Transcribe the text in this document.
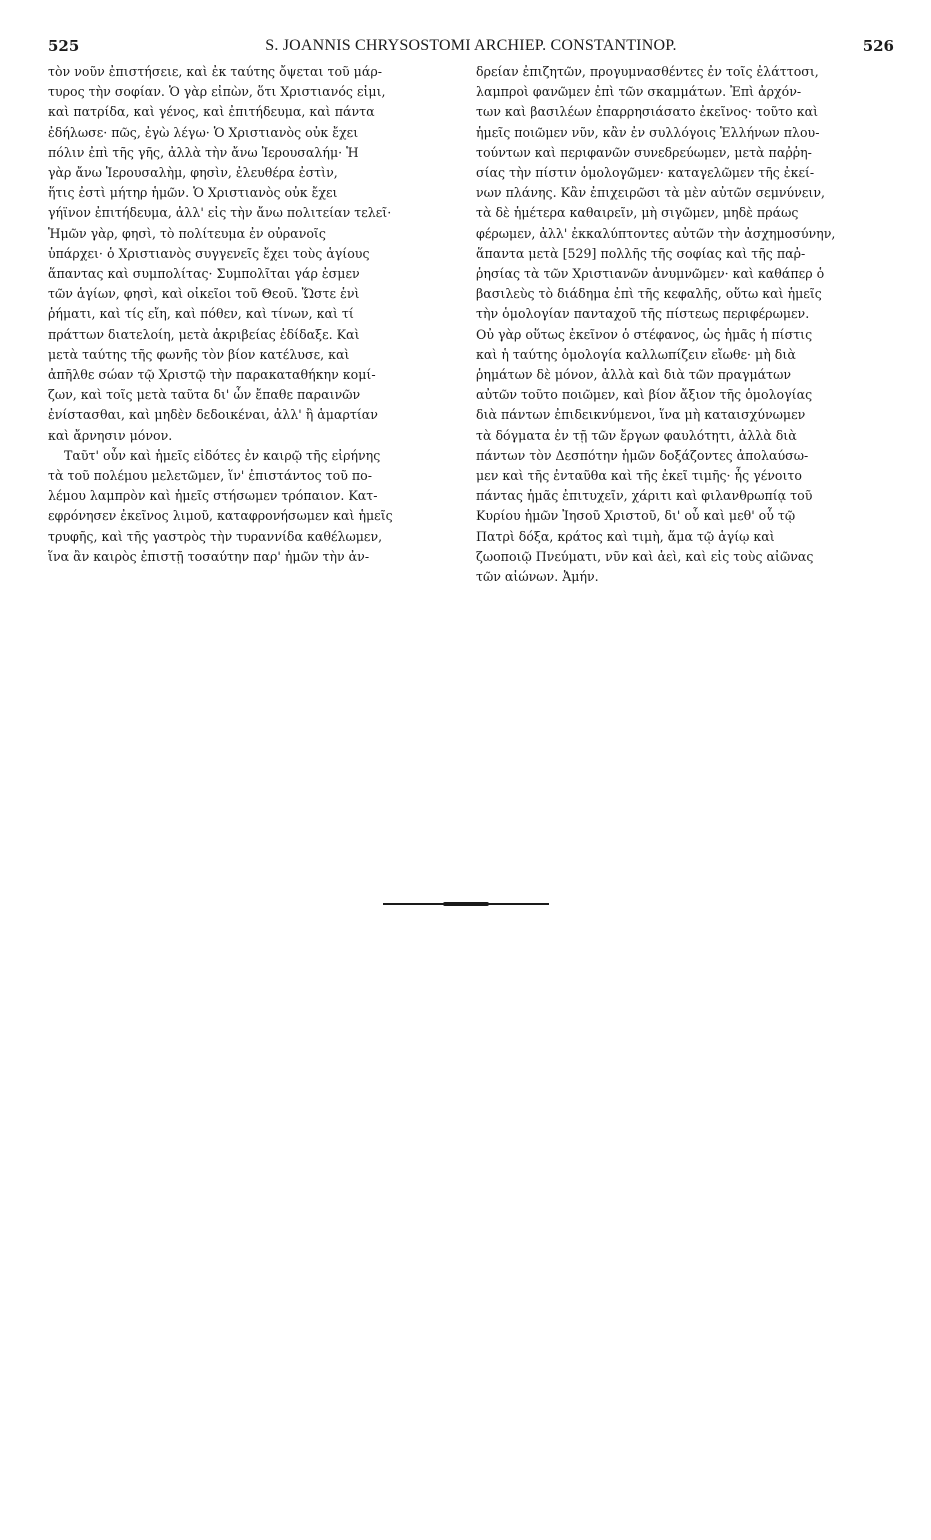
525	S. JOANNIS CHRYSOSTOMI ARCHIEP. CONSTANTINOP.	526
τὸν νοῦν ἐπιστήσειε, καὶ ἐκ ταύτης ὄψεται τοῦ μάρ-
τυρος τὴν σοφίαν. Ὁ γὰρ εἰπὼν, ὅτι Χριστιανός εἰμι,
καὶ πατρίδα, καὶ γένος, καὶ ἐπιτήδευμα, καὶ πάντα
ἐδήλωσε· πῶς, ἐγὼ λέγω· Ὁ Χριστιανὸς οὐκ ἔχει
πόλιν ἐπὶ τῆς γῆς, ἀλλὰ τὴν ἄνω Ἱερουσαλήμ· Ἡ
γὰρ ἄνω Ἱερουσαλὴμ, φησὶν, ἐλευθέρα ἐστὶν,
ἥτις ἐστὶ μήτηρ ἡμῶν. Ὁ Χριστιανὸς οὐκ ἔχει
γήϊνον ἐπιτήδευμα, ἀλλ' εἰς τὴν ἄνω πολιτείαν τελεῖ·
Ἡμῶν γὰρ, φησὶ, τὸ πολίτευμα ἐν οὐρανοῖς
ὑπάρχει· ὁ Χριστιανὸς συγγενεῖς ἔχει τοὺς ἁγίους
ἅπαντας καὶ συμπολίτας· Συμπολῖται γάρ ἐσμεν
τῶν ἁγίων, φησὶ, καὶ οἰκεῖοι τοῦ Θεοῦ. Ὥστε ἑνὶ
ῥήματι, καὶ τίς εἴη, καὶ πόθεν, καὶ τίνων, καὶ τί
πράττων διατελοίη, μετὰ ἀκριβείας ἐδίδαξε. Καὶ
μετὰ ταύτης τῆς φωνῆς τὸν βίον κατέλυσε, καὶ
ἀπῆλθε σώαν τῷ Χριστῷ τὴν παρακαταθήκην κομί-
ζων, καὶ τοῖς μετὰ ταῦτα δι' ὧν ἔπαθε παραινῶν
ἐνίστασθαι, καὶ μηδὲν δεδοικέναι, ἀλλ' ἢ ἁμαρτίαν
καὶ ἄρνησιν μόνον.
Ταῦτ' οὖν καὶ ἡμεῖς εἰδότες ἐν καιρῷ τῆς εἰρήνης
τὰ τοῦ πολέμου μελετῶμεν, ἵν' ἐπιστάντος τοῦ πο-
λέμου λαμπρὸν καὶ ἡμεῖς στήσωμεν τρόπαιον. Κατ-
εφρόνησεν ἐκεῖνος λιμοῦ, καταφρονήσωμεν καὶ ἡμεῖς
τρυφῆς, καὶ τῆς γαστρὸς τὴν τυραννίδα καθέλωμεν,
ἵνα ἂν καιρὸς ἐπιστῇ τοσαύτην παρ' ἡμῶν τὴν ἀν-
δρείαν ἐπιζητῶν, προγυμνασθέντες ἐν τοῖς ἐλάττοσι,
λαμπροὶ φανῶμεν ἐπὶ τῶν σκαμμάτων. Ἐπὶ ἀρχόν-
των καὶ βασιλέων ἐπαρρησιάσατο ἐκεῖνος· τοῦτο καὶ
ἡμεῖς ποιῶμεν νῦν, κἂν ἐν συλλόγοις Ἑλλήνων πλου-
τούντων καὶ περιφανῶν συνεδρεύωμεν, μετὰ παῤῥη-
σίας τὴν πίστιν ὁμολογῶμεν· καταγελῶμεν τῆς ἐκεί-
νων πλάνης. Κἂν ἐπιχειρῶσι τὰ μὲν αὐτῶν σεμνύνειν,
τὰ δὲ ἡμέτερα καθαιρεῖν, μὴ σιγῶμεν, μηδὲ πράως
φέρωμεν, ἀλλ' ἐκκαλύπτοντες αὐτῶν τὴν ἀσχημοσύνην,
ἅπαντα μετὰ [529] πολλῆς τῆς σοφίας καὶ τῆς παῤ-
ῥησίας τὰ τῶν Χριστιανῶν ἀνυμνῶμεν· καὶ καθάπερ ὁ
βασιλεὺς τὸ διάδημα ἐπὶ τῆς κεφαλῆς, οὕτω καὶ ἡμεῖς
τὴν ὁμολογίαν πανταχοῦ τῆς πίστεως περιφέρωμεν.
Οὐ γὰρ οὕτως ἐκεῖνον ὁ στέφανος, ὡς ἡμᾶς ἡ πίστις
καὶ ἡ ταύτης ὁμολογία καλλωπίζειν εἴωθε· μὴ διὰ
ῥημάτων δὲ μόνον, ἀλλὰ καὶ διὰ τῶν πραγμάτων
αὐτῶν τοῦτο ποιῶμεν, καὶ βίον ἄξιον τῆς ὁμολογίας
διὰ πάντων ἐπιδεικνύμενοι, ἵνα μὴ καταισχύνωμεν
τὰ δόγματα ἐν τῇ τῶν ἔργων φαυλότητι, ἀλλὰ διὰ
πάντων τὸν Δεσπότην ἡμῶν δοξάζοντες ἀπολαύσω-
μεν καὶ τῆς ἐνταῦθα καὶ τῆς ἐκεῖ τιμῆς· ἧς γένοιτο
πάντας ἡμᾶς ἐπιτυχεῖν, χάριτι καὶ φιλανθρωπίᾳ τοῦ
Κυρίου ἡμῶν Ἰησοῦ Χριστοῦ, δι' οὗ καὶ μεθ' οὗ τῷ
Πατρὶ δόξα, κράτος καὶ τιμὴ, ἅμα τῷ ἁγίῳ καὶ
ζωοποιῷ Πνεύματι, νῦν καὶ ἀεὶ, καὶ εἰς τοὺς αἰῶνας
τῶν αἰώνων. Ἀμήν.
